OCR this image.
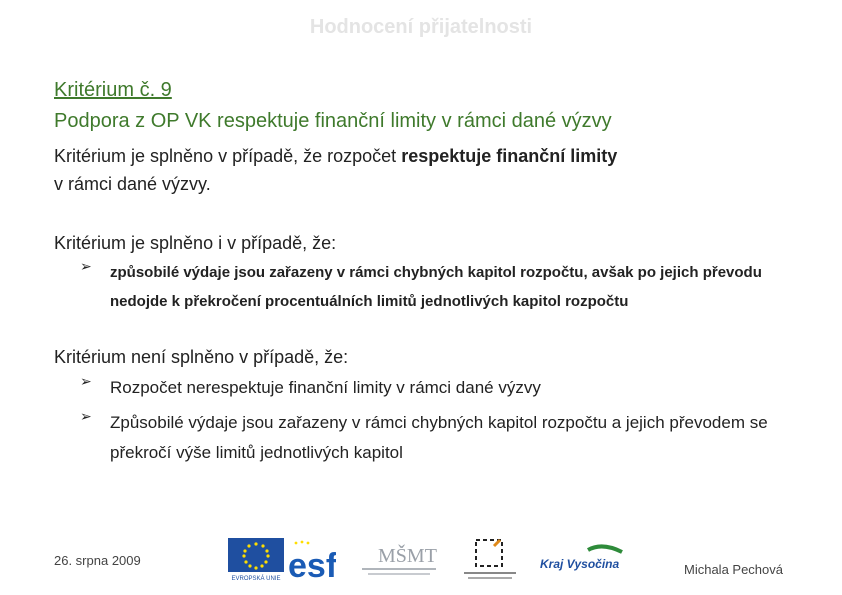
Hodnocení přijatelnosti
Kritérium č. 9
Podpora z OP VK respektuje finanční limity v rámci dané výzvy
Kritérium je splněno v případě, že rozpočet respektuje finanční limity
v rámci dané výzvy.
Kritérium je splněno i v případě, že:
➢	způsobilé výdaje jsou zařazeny v rámci chybných kapitol rozpočtu, avšak po jejich převodu nedojde k překročení procentuálních limitů jednotlivých kapitol rozpočtu
Kritérium není splněno v případě, že:
➢	Rozpočet nerespektuje finanční limity v rámci dané výzvy
➢	Způsobilé výdaje jsou zařazeny v rámci chybných kapitol rozpočtu a jejich převodem se překročí výše limitů jednotlivých kapitol
26. srpna 2009
EVROPSKÁ UNIE esf MŠMT	Kraj Vysočina	Michala Pechová
